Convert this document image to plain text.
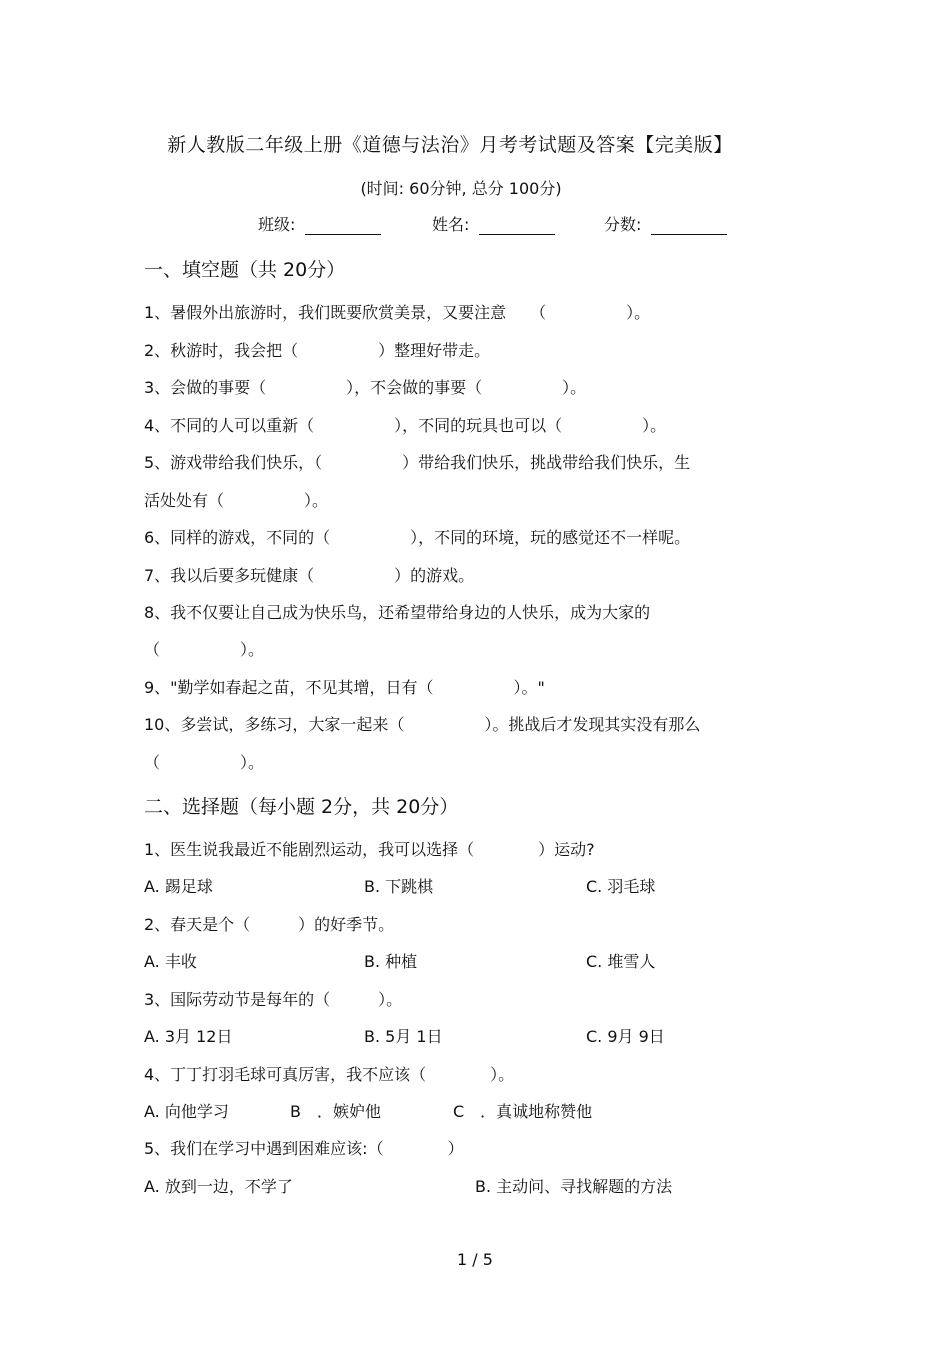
新人教版二年级上册《道德与法治》月考考试题及答案【完美版】
(时间: 60分钟, 总分 100分)
班级:	姓名:	分数:
一、填空题（共 20分）
1、暑假外出旅游时，我们既要欣赏美景，又要注意　　（　　　　　）。
2、秋游时，我会把（　　　　　）整理好带走。
3、会做的事要（　　　　　），不会做的事要（　　　　　）。
4、不同的人可以重新（　　　　　），不同的玩具也可以（　　　　　）。
5、游戏带给我们快乐，（　　　　　）带给我们快乐，挑战带给我们快乐，生
活处处有（　　　　　）。
6、同样的游戏，不同的（　　　　　），不同的环境，玩的感觉还不一样呢。
7、我以后要多玩健康（　　　　　）的游戏。
8、我不仅要让自己成为快乐鸟，还希望带给身边的人快乐，成为大家的
（　　　　　）。
9、"勤学如春起之苗，不见其增，日有（　　　　　）。"
10、多尝试，多练习，大家一起来（　　　　　）。挑战后才发现其实没有那么
（　　　　　）。
二、选择题（每小题 2分，共 20分）
1、医生说我最近不能剧烈运动，我可以选择（　　　　）运动?
A. 踢足球	B. 下跳棋	C. 羽毛球
2、春天是个（　　　）的好季节。
A. 丰收	B. 种植	C. 堆雪人
3、国际劳动节是每年的（　　　）。
A. 3月 12日	B. 5月 1日	C. 9月 9日
4、丁丁打羽毛球可真厉害，我不应该（　　　　）。
A. 向他学习	B　．嫉妒他	C　．真诚地称赞他
5、我们在学习中遇到困难应该:（　　　　）
A. 放到一边，不学了	B. 主动问、寻找解题的方法
1 / 5
